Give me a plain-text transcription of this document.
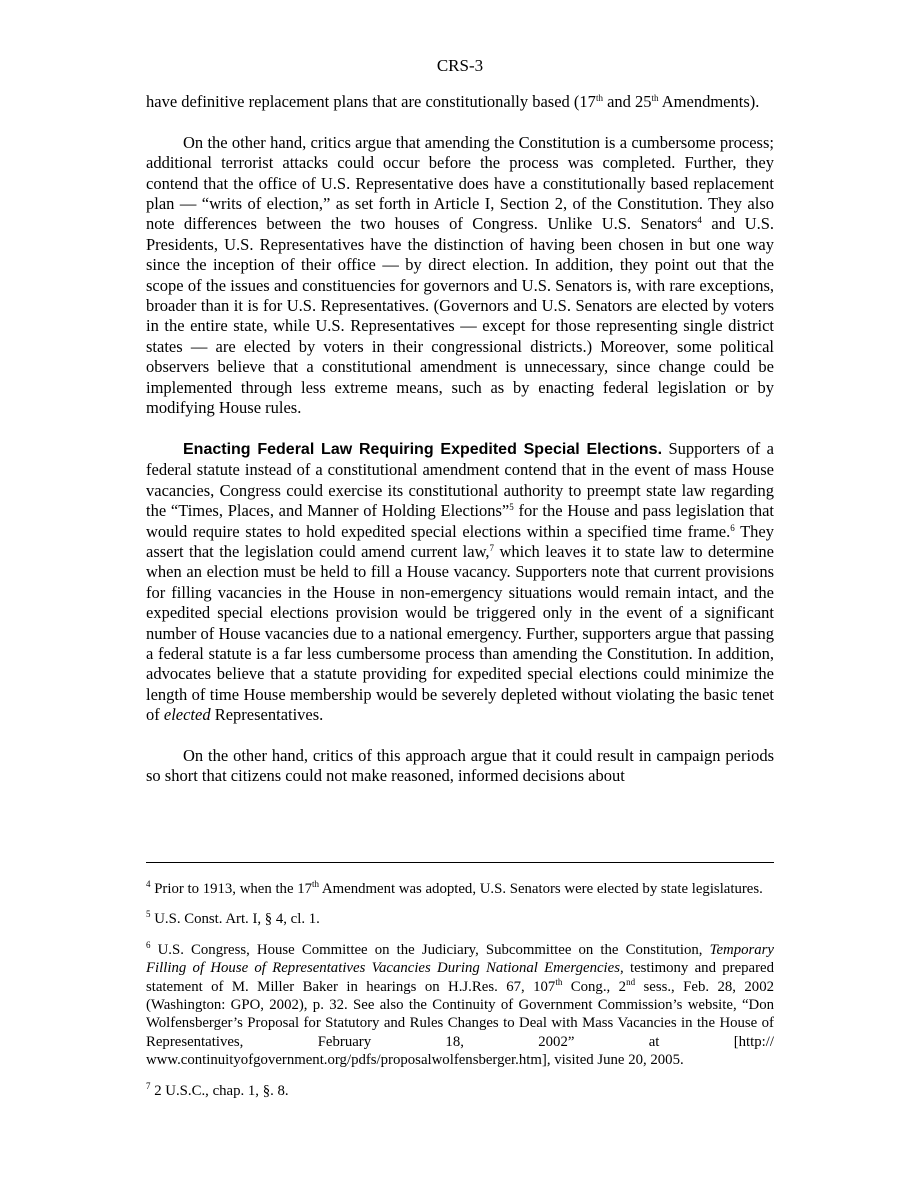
CRS-3

have definitive replacement plans that are constitutionally based (17th and 25th Amendments).

On the other hand, critics argue that amending the Constitution is a cumbersome process; additional terrorist attacks could occur before the process was completed. Further, they contend that the office of U.S. Representative does have a constitutionally based replacement plan — “writs of election,” as set forth in Article I, Section 2, of the Constitution. They also note differences between the two houses of Congress. Unlike U.S. Senators$^4$ and U.S. Presidents, U.S. Representatives have the distinction of having been chosen in but one way since the inception of their office — by direct election. In addition, they point out that the scope of the issues and constituencies for governors and U.S. Senators is, with rare exceptions, broader than it is for U.S. Representatives. (Governors and U.S. Senators are elected by voters in the entire state, while U.S. Representatives — except for those representing single district states — are elected by voters in their congressional districts.) Moreover, some political observers believe that a constitutional amendment is unnecessary, since change could be implemented through less extreme means, such as by enacting federal legislation or by modifying House rules.

Enacting Federal Law Requiring Expedited Special Elections. Supporters of a federal statute instead of a constitutional amendment contend that in the event of mass House vacancies, Congress could exercise its constitutional authority to preempt state law regarding the “Times, Places, and Manner of Holding Elections”$^5$ for the House and pass legislation that would require states to hold expedited special elections within a specified time frame.$^6$ They assert that the legislation could amend current law,$^7$ which leaves it to state law to determine when an election must be held to fill a House vacancy. Supporters note that current provisions for filling vacancies in the House in non-emergency situations would remain intact, and the expedited special elections provision would be triggered only in the event of a significant number of House vacancies due to a national emergency. Further, supporters argue that passing a federal statute is a far less cumbersome process than amending the Constitution. In addition, advocates believe that a statute providing for expedited special elections could minimize the length of time House membership would be severely depleted without violating the basic tenet of elected Representatives.

On the other hand, critics of this approach argue that it could result in campaign periods so short that citizens could not make reasoned, informed decisions about

$^4$ Prior to 1913, when the 17th Amendment was adopted, U.S. Senators were elected by state legislatures.

$^5$ U.S. Const. Art. I, § 4, cl. 1.

$^6$ U.S. Congress, House Committee on the Judiciary, Subcommittee on the Constitution, Temporary Filling of House of Representatives Vacancies During National Emergencies, testimony and prepared statement of M. Miller Baker in hearings on H.J.Res. 67, 107th Cong., 2nd sess., Feb. 28, 2002 (Washington: GPO, 2002), p. 32. See also the Continuity of Government Commission’s website, “Don Wolfensberger’s Proposal for Statutory and Rules Changes to Deal with Mass Vacancies in the House of Representatives, February 18, 2002” at [http:// www.continuityofgovernment.org/pdfs/proposalwolfensberger.htm], visited June 20, 2005.

$^7$ 2 U.S.C., chap. 1, §. 8.
